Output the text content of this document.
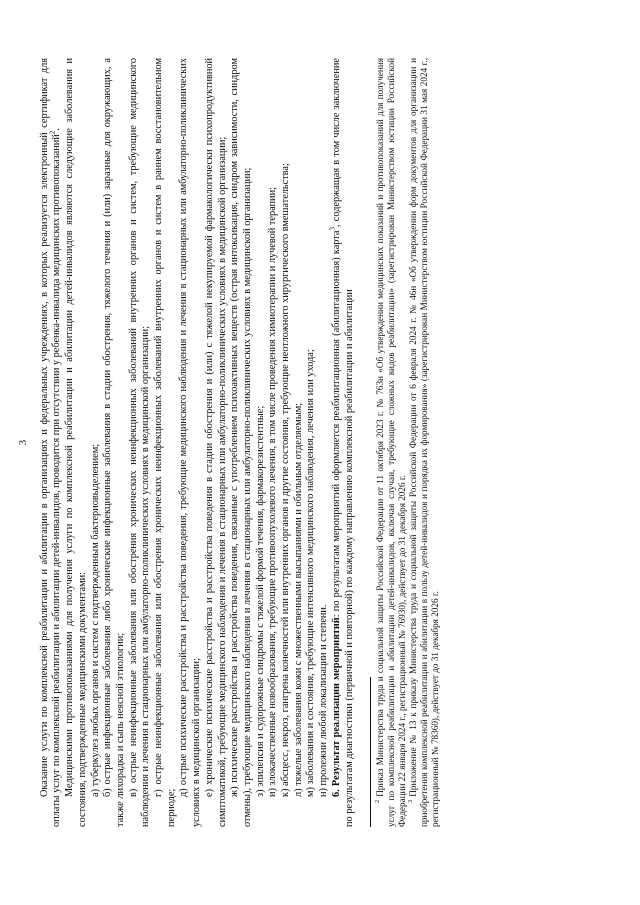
3 Оказание услуги по комплексной реабилитации и абилитации в организациях и федеральных учреждениях, в которых реализуется электронный сертификат для оплаты услуг по комплексной реабилитации и абилитации детей-инвалидов, проводится при отсутствии у ребенка-инвалида медицинских противопоказаний$^2$. Медицинскими противопоказаниями для получения услуги по комплексной реабилитации и абилитации детей-инвалидов являются следующие заболевания и состояния, подтвержденные медицинскими документами: а) туберкулез любых органов и систем с подтвержденным бактериовыделением; б) острые инфекционные заболевания либо хронические инфекционные заболевания в стадии обострения, тяжелого течения и (или) заразные для окружающих, а также лихорадка и сыпь неясной этиологии; в) острые неинфекционные заболевания или обострения хронических неинфекционных заболеваний внутренних органов и систем, требующие медицинского наблюдения и лечения в стационарных или амбулаторно-поликлинических условиях в медицинской организации; г) острые неинфекционные заболевания или обострения хронических неинфекционных заболеваний внутренних органов и систем в раннем восстановительном периоде;

д) острые психические расстройства и расстройства поведения, требующие медицинского наблюдения и лечения в стационарных или амбулаторно-поликлинических условиях в медицинской организации; е) хронические психические расстройства и расстройства поведения в стадии обострения и (или) с тяжелой некупируемой фармакологически психопродуктивной симптоматикой, требующие медицинского наблюдения и лечения в стационарных или амбулаторно-поликлинических условиях в медицинской организации; ж) психические расстройства и расстройства поведения, связанные с употреблением психоактивных веществ (острая интоксикация, синдром зависимости, синдром отмены), требующие медицинского наблюдения и лечения в стационарных или амбулаторно-поликлинических условиях в медицинской организации; з) эпилепсия и судорожные синдромы с тяжелой формой течения, фармакорезистентные; и) злокачественные новообразования, требующие противоопухолевого лечения, в том числе проведения химиотерапии и лучевой терапии; к) абсцесс, некроз, гангрена конечностей или внутренних органов и другие состояния, требующие неотложного хирургического вмешательства; л) тяжелые заболевания кожи с множественными высыпаниями и обильным отделяемым; м) заболевания и состояния, требующие интенсивного медицинского наблюдения, лечения или ухода; н) пролежни любой локализации и степени. 6. Результат реализации мероприятий: по результатам мероприятий оформляется реабилитационная (абилитационная) карта$^3$, содержащая в том числе заключение по результатам диагностики (первичной и повторной) по каждому направлению комплексной реабилитации и абилитации	$^2$Приказ Министерства труда и социальной защиты Российской Федерации от 11 октября 2023 г. № 763н «Об утверждении медицинских показаний и противопоказаний для получения услуг по комплексной реабилитации и абилитации детей-инвалидов, включая случаи, требующие сложных видов реабилитации» (зарегистрирован Министерством юстиции Российской Федерации 22 января 2024 г., регистрационный № 76930), действует до 31 декабря 2026 г. $^3$Приложение № 13 к приказу Министерства труда и социальной защиты Российской Федерации от 6 февраля 2024 г. № 46н «Об утверждении форм документов для организации и приобретения комплексной реабилитации и абилитации в пользу детей-инвалидов и порядка их формирования» (зарегистрирован Министерством юстиции Российской Федерации 31 мая 2024 г., регистрационный № 78360), действует до 31 декабря 2026 г.
